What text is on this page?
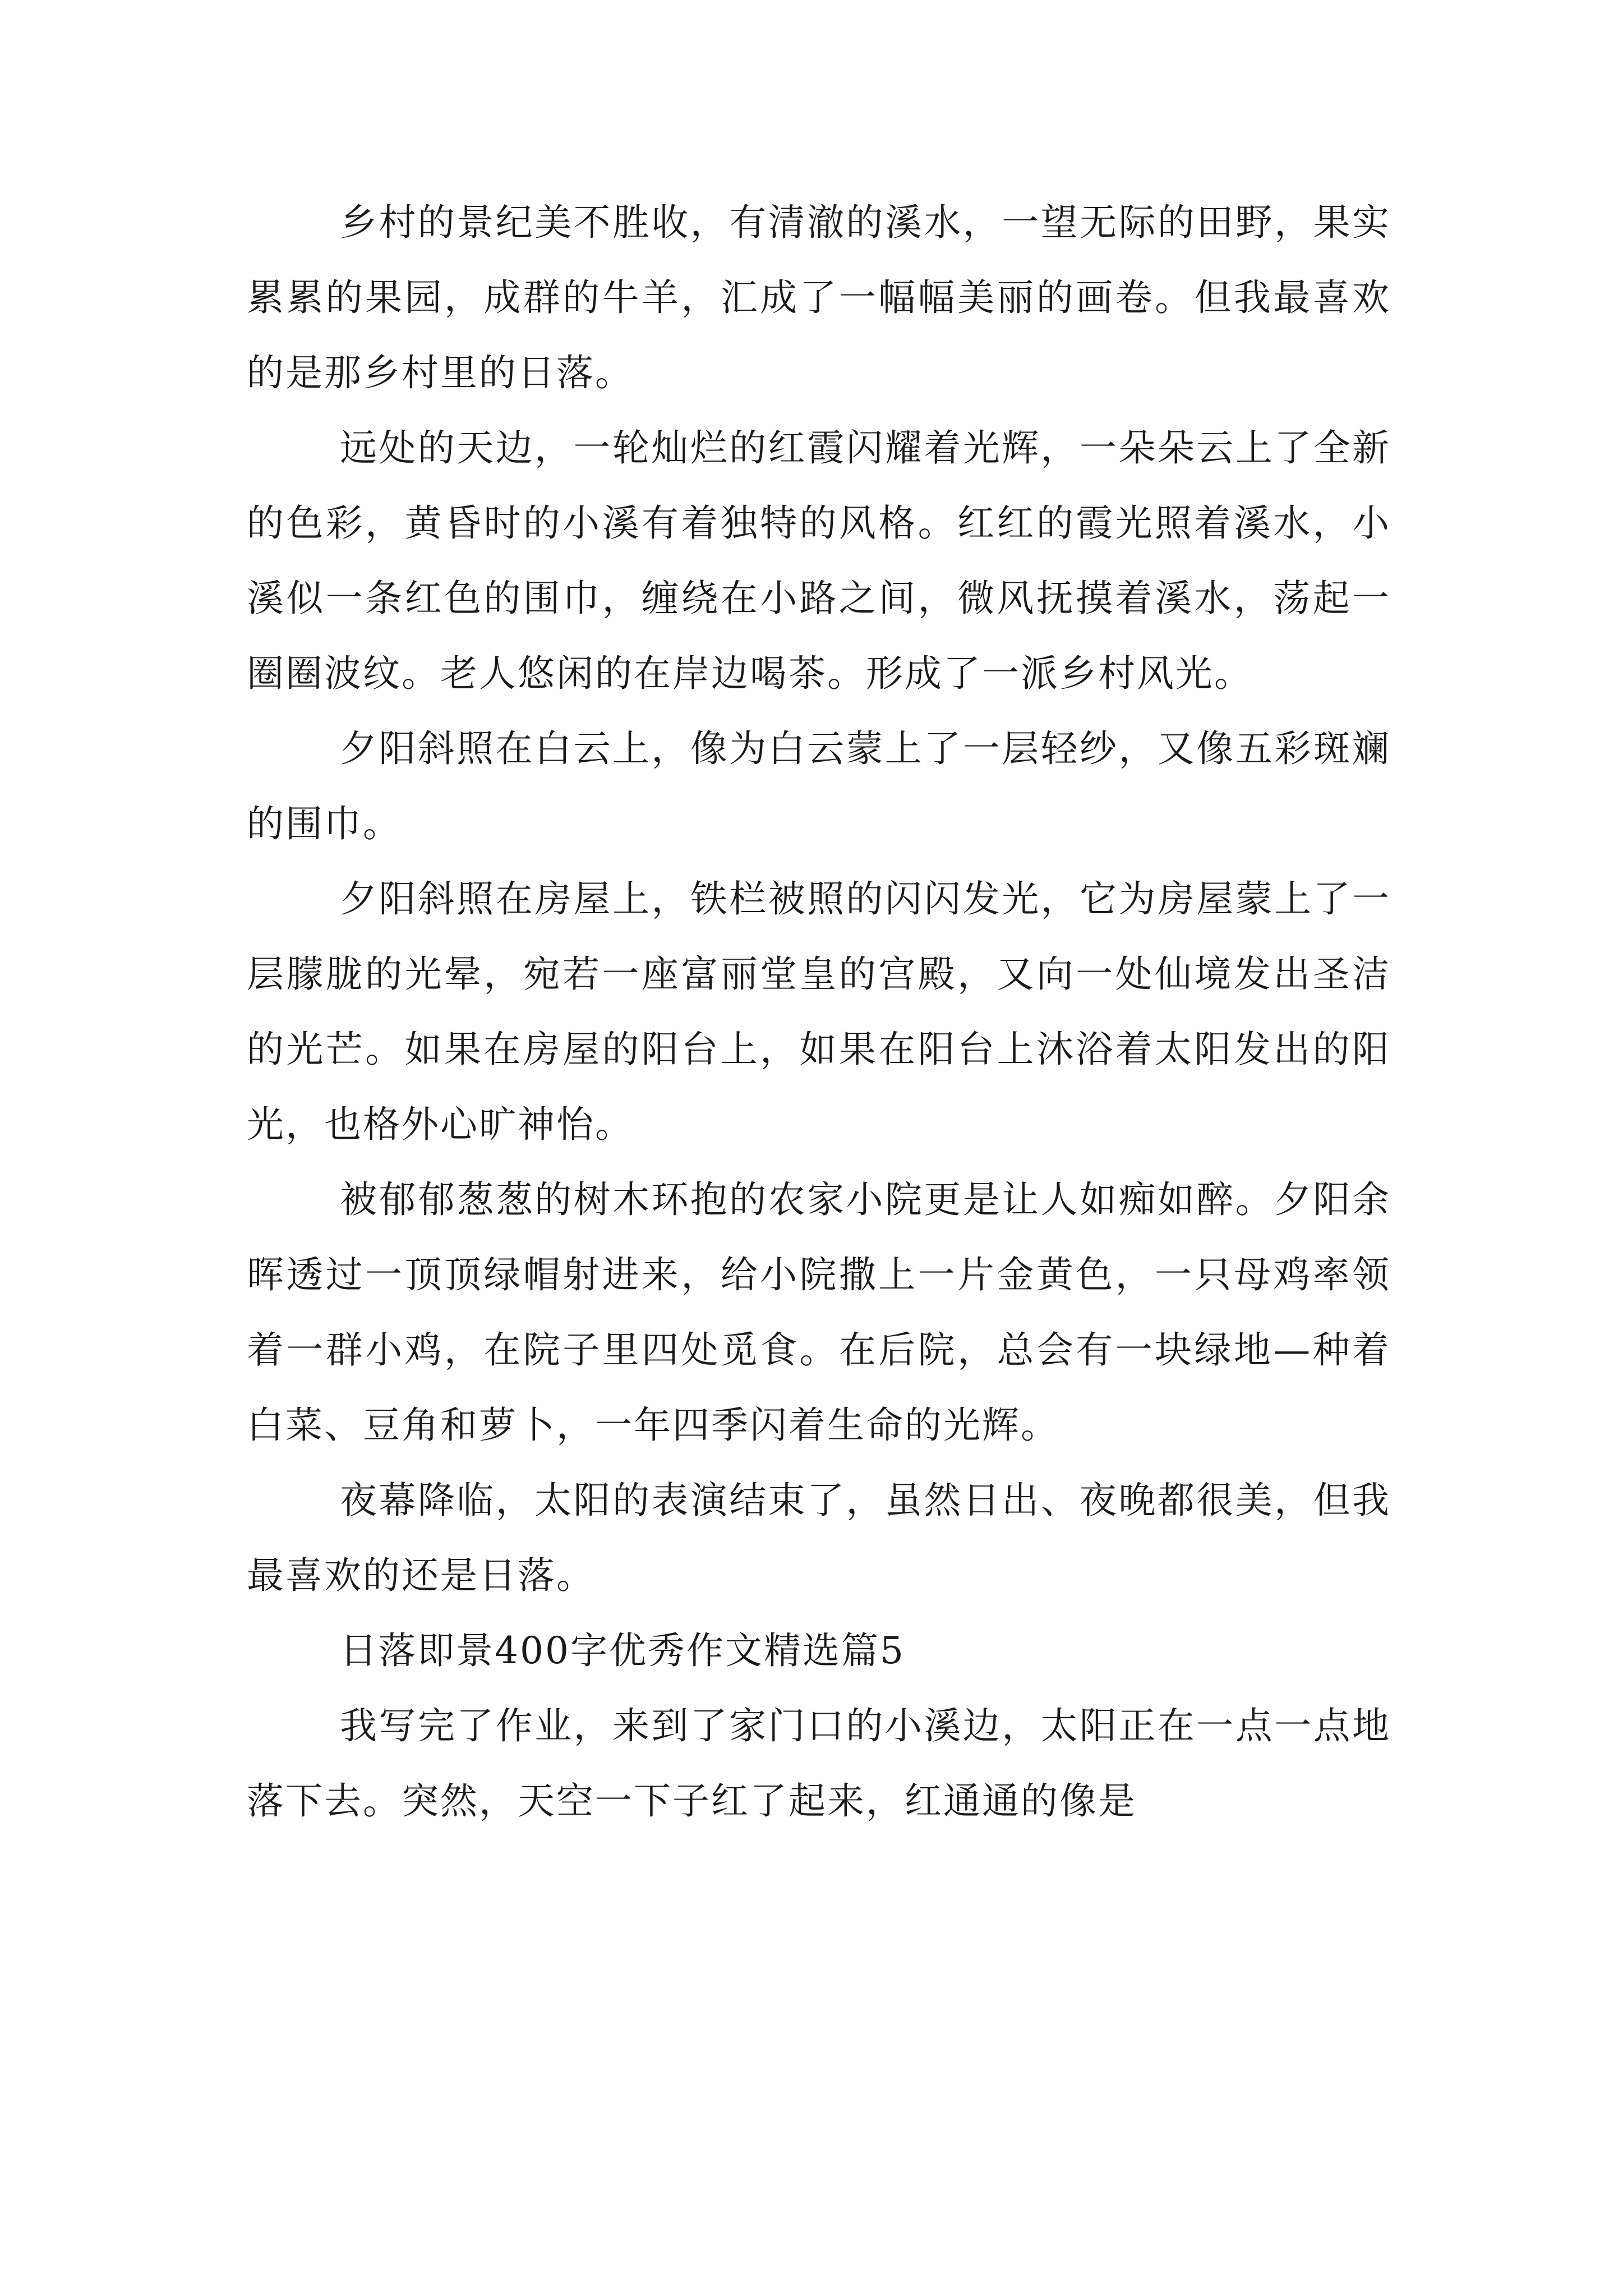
乡村的景纪美不胜收，有清澈的溪水，一望无际的田野，果实累累的果园，成群的牛羊，汇成了一幅幅美丽的画卷。但我最喜欢的是那乡村里的日落。

远处的天边，一轮灿烂的红霞闪耀着光辉，一朵朵云上了全新的色彩，黄昏时的小溪有着独特的风格。红红的霞光照着溪水，小溪似一条红色的围巾，缠绕在小路之间，微风抚摸着溪水，荡起一圈圈波纹。老人悠闲的在岸边喝茶。形成了一派乡村风光。

夕阳斜照在白云上，像为白云蒙上了一层轻纱，又像五彩斑斓的围巾。

夕阳斜照在房屋上，铁栏被照的闪闪发光，它为房屋蒙上了一层朦胧的光晕，宛若一座富丽堂皇的宫殿，又向一处仙境发出圣洁的光芒。如果在房屋的阳台上，如果在阳台上沐浴着太阳发出的阳光，也格外心旷神怡。

被郁郁葱葱的树木环抱的农家小院更是让人如痴如醉。夕阳余晖透过一顶顶绿帽射进来，给小院撒上一片金黄色，一只母鸡率领着一群小鸡，在院子里四处觅食。在后院，总会有一块绿地—种着白菜、豆角和萝卜，一年四季闪着生命的光辉。

夜幕降临，太阳的表演结束了，虽然日出、夜晚都很美，但我最喜欢的还是日落。

日落即景400字优秀作文精选篇5

我写完了作业，来到了家门口的小溪边，太阳正在一点一点地落下去。突然，天空一下子红了起来，红通通的像是
